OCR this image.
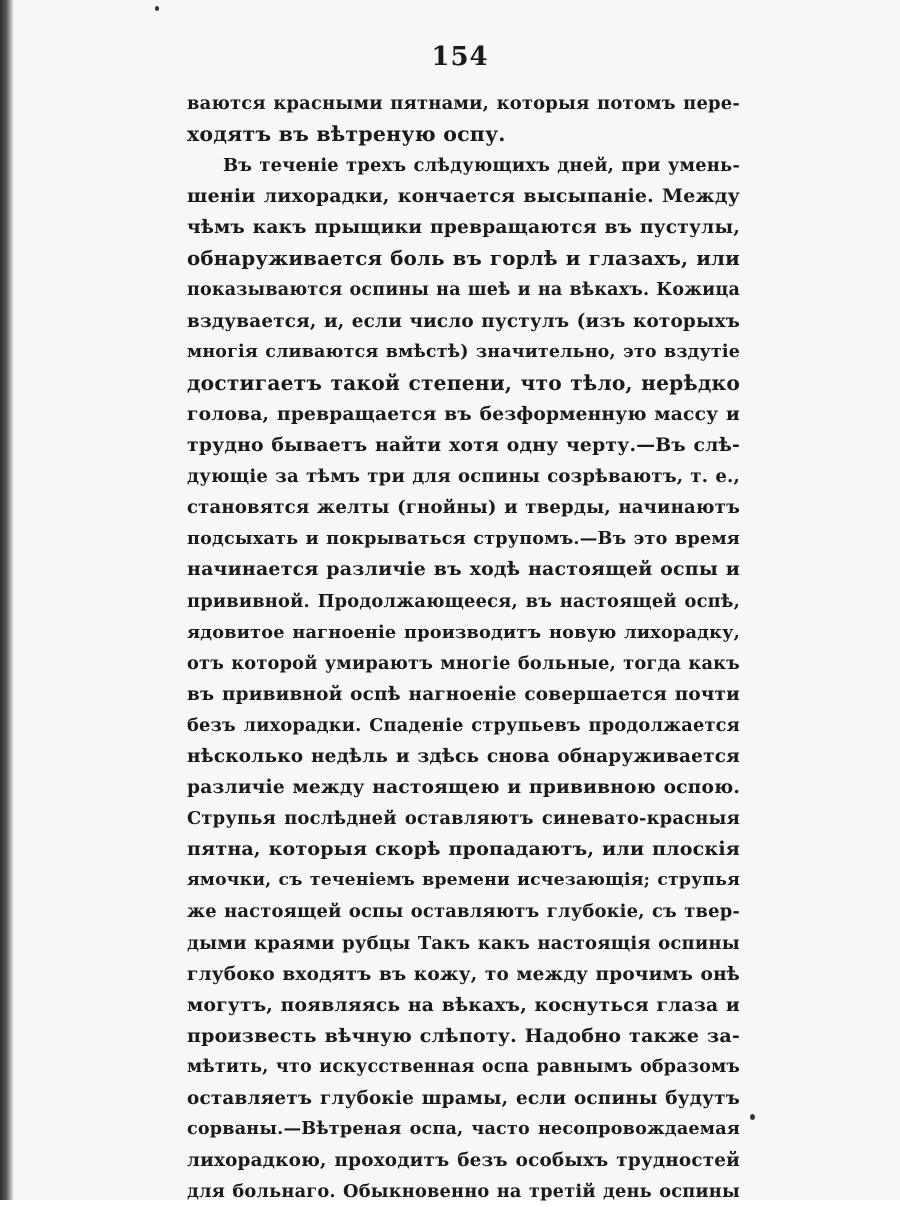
154
ваются красными пятнами, которыя потомъ пере-
ходятъ въ вѣтреную оспу.
Въ теченіе трехъ слѣдующихъ дней, при умень-
шеніи лихорадки, кончается высыпаніе. Между
чѣмъ какъ прыщики превращаются въ пустулы,
обнаруживается боль въ горлѣ и глазахъ, или
показываются оспины на шеѣ и на вѣкахъ. Кожица
вздувается, и, если число пустулъ (изъ которыхъ
многія сливаются вмѣстѣ) значительно, это вздутіе
достигаетъ такой степени, что тѣло, нерѣдко
голова, превращается въ безформенную массу и
трудно бываетъ найти хотя одну черту.—Въ слѣ-
дующіе за тѣмъ три для оспины созрѣваютъ, т. е.,
становятся желты (гнойны) и тверды, начинаютъ
подсыхать и покрываться струпомъ.—Въ это время
начинается различіе въ ходѣ настоящей оспы и
прививной. Продолжающееся, въ настоящей оспѣ,
ядовитое нагноеніе производитъ новую лихорадку,
отъ которой умираютъ многіе больные, тогда какъ
въ прививной оспѣ нагноеніе совершается почти
безъ лихорадки. Спаденіе струпьевъ продолжается
нѣсколько недѣль и здѣсь снова обнаруживается
различіе между настоящею и прививною оспою.
Струпья послѣдней оставляютъ синевато-красныя
пятна, которыя скорѣ пропадаютъ, или плоскія
ямочки, съ теченіемъ времени исчезающія; струпья
же настоящей оспы оставляютъ глубокіе, съ твер-
дыми краями рубцы Такъ какъ настоящія оспины
глубоко входятъ въ кожу, то между прочимъ онѣ
могутъ, появляясь на вѣкахъ, коснуться глаза и
произвесть вѣчную слѣпоту. Надобно также за-
мѣтить, что искусственная оспа равнымъ образомъ
оставляетъ глубокіе шрамы, если оспины будутъ
сорваны.—Вѣтреная оспа, часто несопровождаемая
лихорадкою, проходитъ безъ особыхъ трудностей
для больнаго. Обыкновенно на третій день оспины
